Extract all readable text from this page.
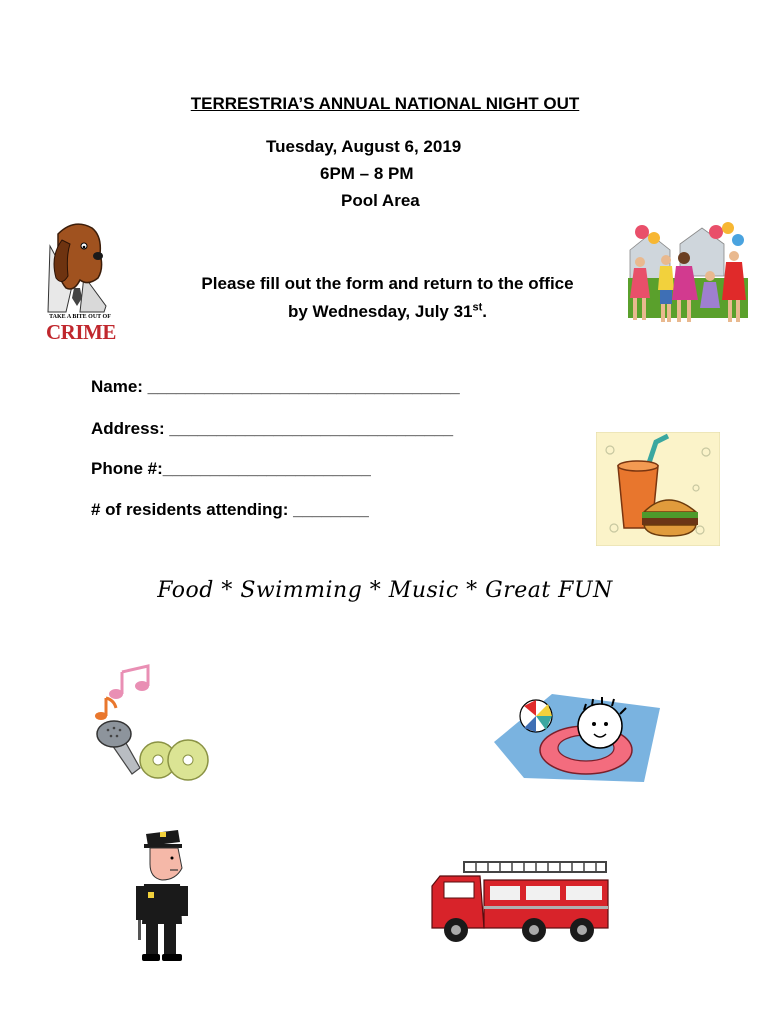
TERRESTRIA’S ANNUAL NATIONAL NIGHT OUT
Tuesday, August 6, 2019
6PM – 8 PM
Pool Area
TAKE A BITE OUT OF
CRIME
Please fill out the form and return to the office
by Wednesday, July 31st.
Name: _________________________________
Address: ______________________________
Phone #:______________________
# of residents attending: ________
Food * Swimming * Music * Great FUN
